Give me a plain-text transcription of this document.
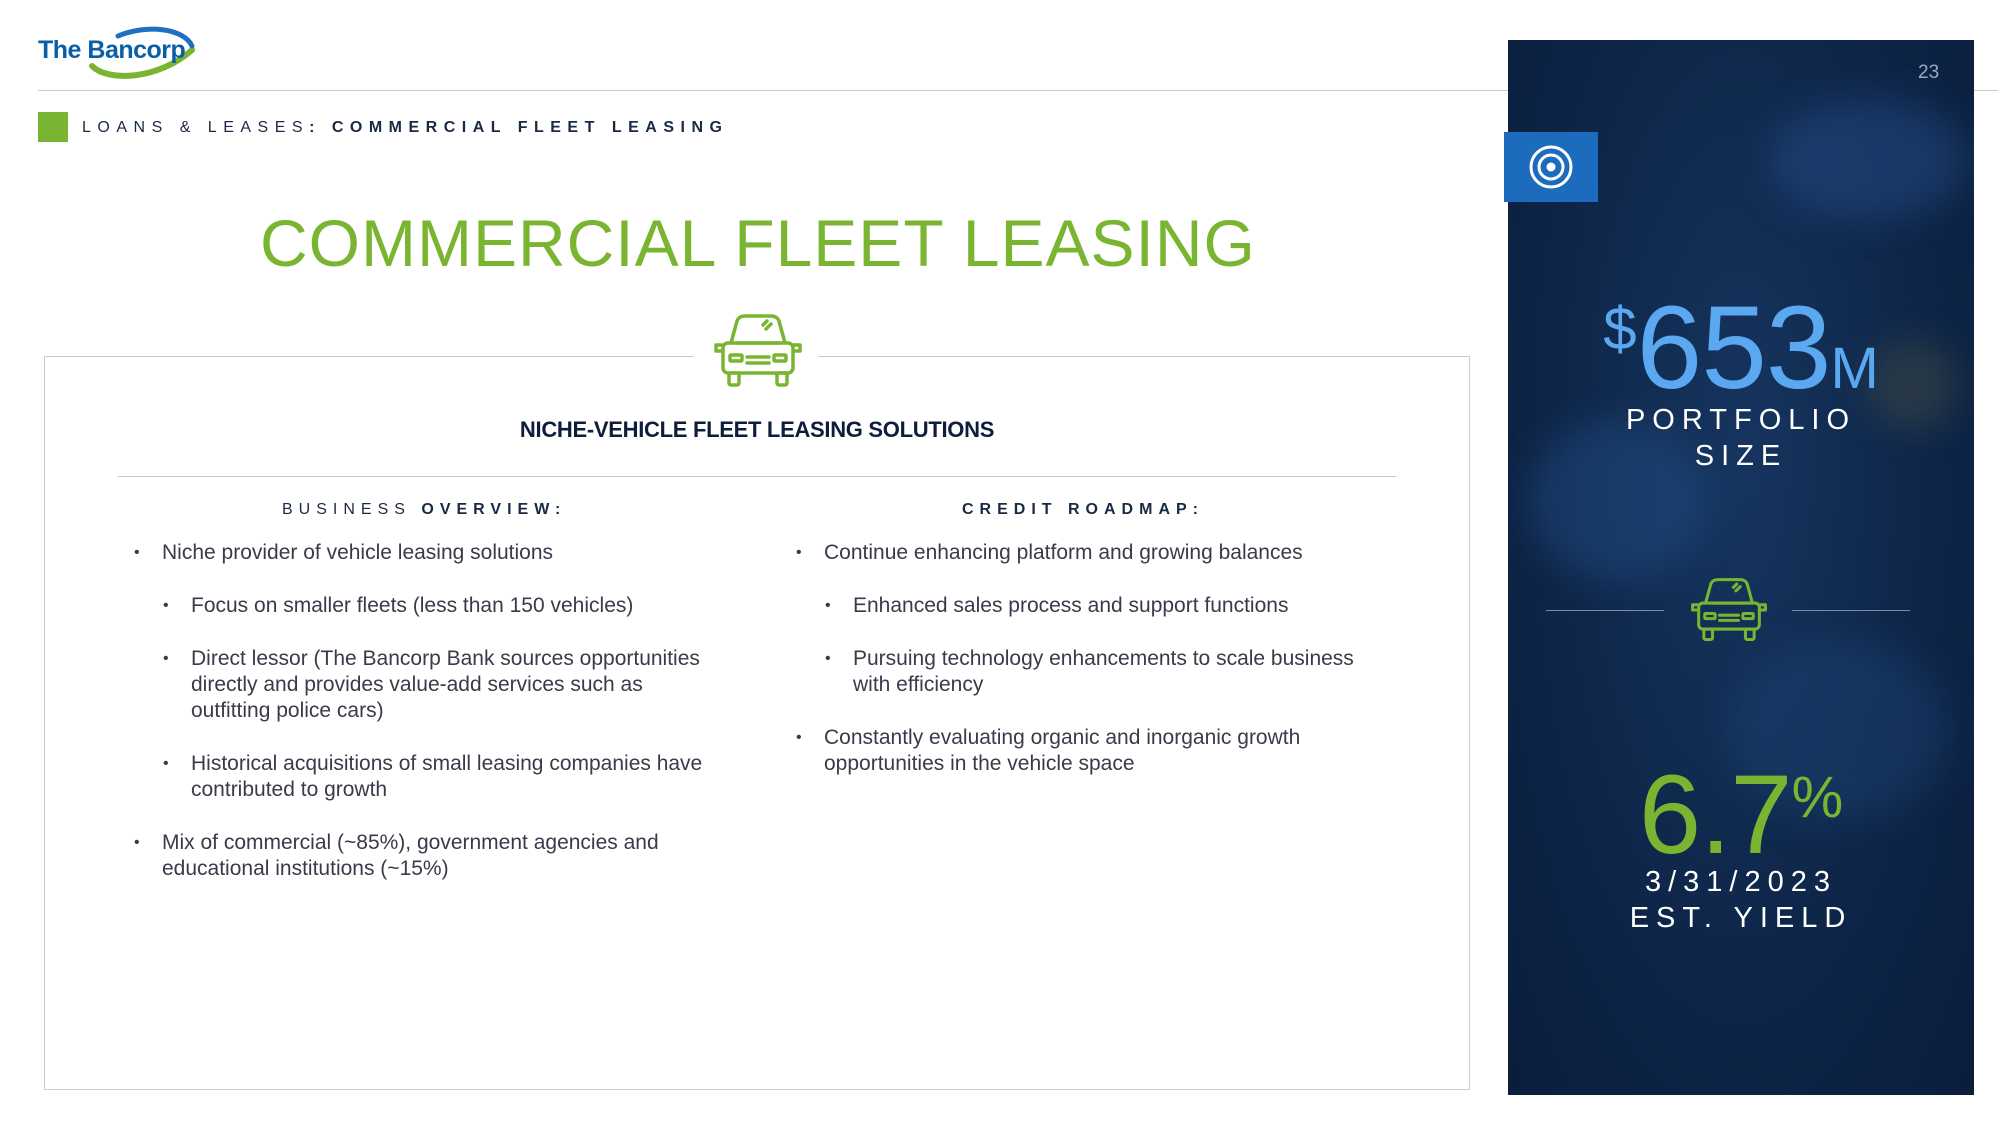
The Bancorp
LOANS & LEASES: COMMERCIAL FLEET LEASING
COMMERCIAL FLEET LEASING
NICHE-VEHICLE FLEET LEASING SOLUTIONS
BUSINESS OVERVIEW:
• Niche provider of vehicle leasing solutions
• Focus on smaller fleets (less than 150 vehicles)
• Direct lessor (The Bancorp Bank sources opportunities directly and provides value-add services such as outfitting police cars)
• Historical acquisitions of small leasing companies have contributed to growth
• Mix of commercial (~85%), government agencies and educational institutions (~15%)
CREDIT ROADMAP:
• Continue enhancing platform and growing balances
• Enhanced sales process and support functions
• Pursuing technology enhancements to scale business with efficiency
• Constantly evaluating organic and inorganic growth opportunities in the vehicle space
23
$653M
PORTFOLIO
SIZE
6.7%
3/31/2023
EST. YIELD
